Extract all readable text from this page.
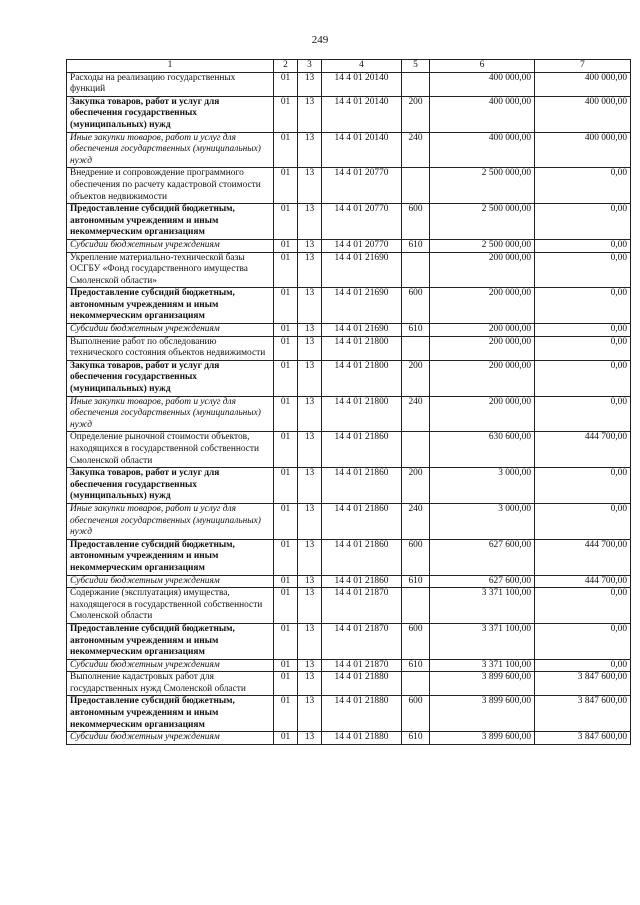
249
1	2	3	4	5	6	7
Расходы на реализацию государственных функций	01	13	14 4 01 20140		400 000,00	400 000,00
Закупка товаров, работ и услуг для обеспечения государственных (муниципальных) нужд	01	13	14 4 01 20140	200	400 000,00	400 000,00
Иные закупки товаров, работ и услуг для обеспечения государственных (муниципальных) нужд	01	13	14 4 01 20140	240	400 000,00	400 000,00
Внедрение и сопровождение программного обеспечения по расчету кадастровой стоимости объектов недвижимости	01	13	14 4 01 20770		2 500 000,00	0,00
Предоставление субсидий бюджетным, автономным учреждениям и иным некоммерческим организациям	01	13	14 4 01 20770	600	2 500 000,00	0,00
Субсидии бюджетным учреждениям	01	13	14 4 01 20770	610	2 500 000,00	0,00
Укрепление материально-технической базы ОСГБУ «Фонд государственного имущества Смоленской области»	01	13	14 4 01 21690		200 000,00	0,00
Предоставление субсидий бюджетным, автономным учреждениям и иным некоммерческим организациям	01	13	14 4 01 21690	600	200 000,00	0,00
Субсидии бюджетным учреждениям	01	13	14 4 01 21690	610	200 000,00	0,00
Выполнение работ по обследованию технического состояния объектов недвижимости	01	13	14 4 01 21800		200 000,00	0,00
Закупка товаров, работ и услуг для обеспечения государственных (муниципальных) нужд	01	13	14 4 01 21800	200	200 000,00	0,00
Иные закупки товаров, работ и услуг для обеспечения государственных (муниципальных) нужд	01	13	14 4 01 21800	240	200 000,00	0,00
Определение рыночной стоимости объектов, находящихся в государственной собственности Смоленской области	01	13	14 4 01 21860		630 600,00	444 700,00
Закупка товаров, работ и услуг для обеспечения государственных (муниципальных) нужд	01	13	14 4 01 21860	200	3 000,00	0,00
Иные закупки товаров, работ и услуг для обеспечения государственных (муниципальных) нужд	01	13	14 4 01 21860	240	3 000,00	0,00
Предоставление субсидий бюджетным, автономным учреждениям и иным некоммерческим организациям	01	13	14 4 01 21860	600	627 600,00	444 700,00
Субсидии бюджетным учреждениям	01	13	14 4 01 21860	610	627 600,00	444 700,00
Содержание (эксплуатация) имущества, находящегося в государственной собственности Смоленской области	01	13	14 4 01 21870		3 371 100,00	0,00
Предоставление субсидий бюджетным, автономным учреждениям и иным некоммерческим организациям	01	13	14 4 01 21870	600	3 371 100,00	0,00
Субсидии бюджетным учреждениям	01	13	14 4 01 21870	610	3 371 100,00	0,00
Выполнение кадастровых работ для государственных нужд Смоленской области	01	13	14 4 01 21880		3 899 600,00	3 847 600,00
Предоставление субсидий бюджетным, автономным учреждениям и иным некоммерческим организациям	01	13	14 4 01 21880	600	3 899 600,00	3 847 600,00
Субсидии бюджетным учреждениям	01	13	14 4 01 21880	610	3 899 600,00	3 847 600,00
